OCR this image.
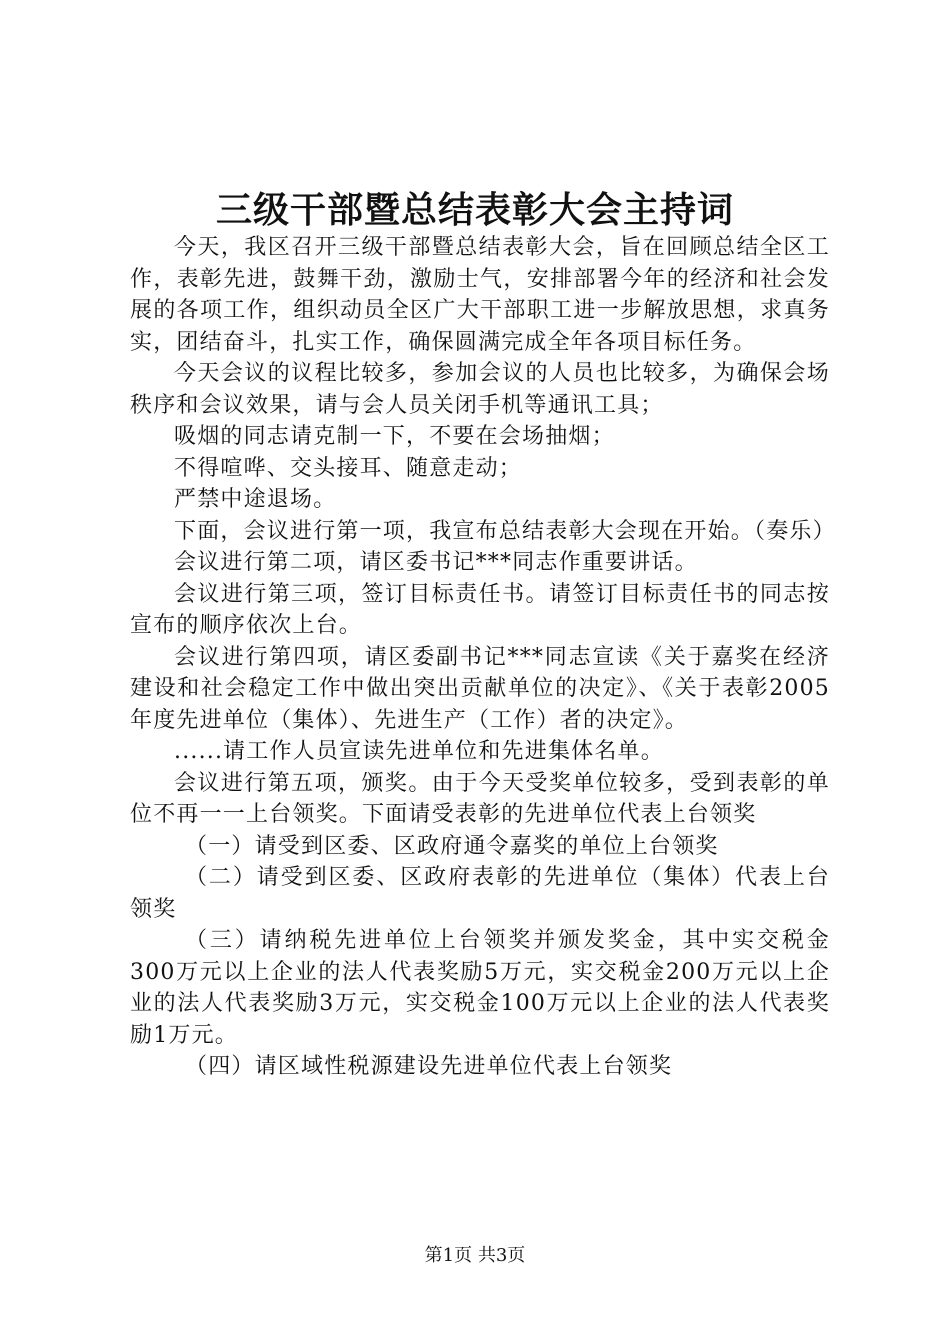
三级干部暨总结表彰大会主持词

今天，我区召开三级干部暨总结表彰大会，旨在回顾总结全区工作，表彰先进，鼓舞干劲，激励士气，安排部署今年的经济和社会发展的各项工作，组织动员全区广大干部职工进一步解放思想，求真务实，团结奋斗，扎实工作，确保圆满完成全年各项目标任务。

今天会议的议程比较多，参加会议的人员也比较多，为确保会场秩序和会议效果，请与会人员关闭手机等通讯工具；

吸烟的同志请克制一下，不要在会场抽烟；

不得喧哗、交头接耳、随意走动；

严禁中途退场。

下面，会议进行第一项，我宣布总结表彰大会现在开始。（奏乐）

会议进行第二项，请区委书记***同志作重要讲话。

会议进行第三项，签订目标责任书。请签订目标责任书的同志按宣布的顺序依次上台。

会议进行第四项，请区委副书记***同志宣读《关于嘉奖在经济建设和社会稳定工作中做出突出贡献单位的决定》、《关于表彰2005年度先进单位（集体）、先进生产（工作）者的决定》。

......请工作人员宣读先进单位和先进集体名单。

会议进行第五项，颁奖。由于今天受奖单位较多，受到表彰的单位不再一一上台领奖。下面请受表彰的先进单位代表上台领奖

（一）请受到区委、区政府通令嘉奖的单位上台领奖

（二）请受到区委、区政府表彰的先进单位（集体）代表上台领奖

（三）请纳税先进单位上台领奖并颁发奖金，其中实交税金300万元以上企业的法人代表奖励5万元，实交税金200万元以上企业的法人代表奖励3万元，实交税金100万元以上企业的法人代表奖励1万元。

（四）请区域性税源建设先进单位代表上台领奖

第1页 共3页
